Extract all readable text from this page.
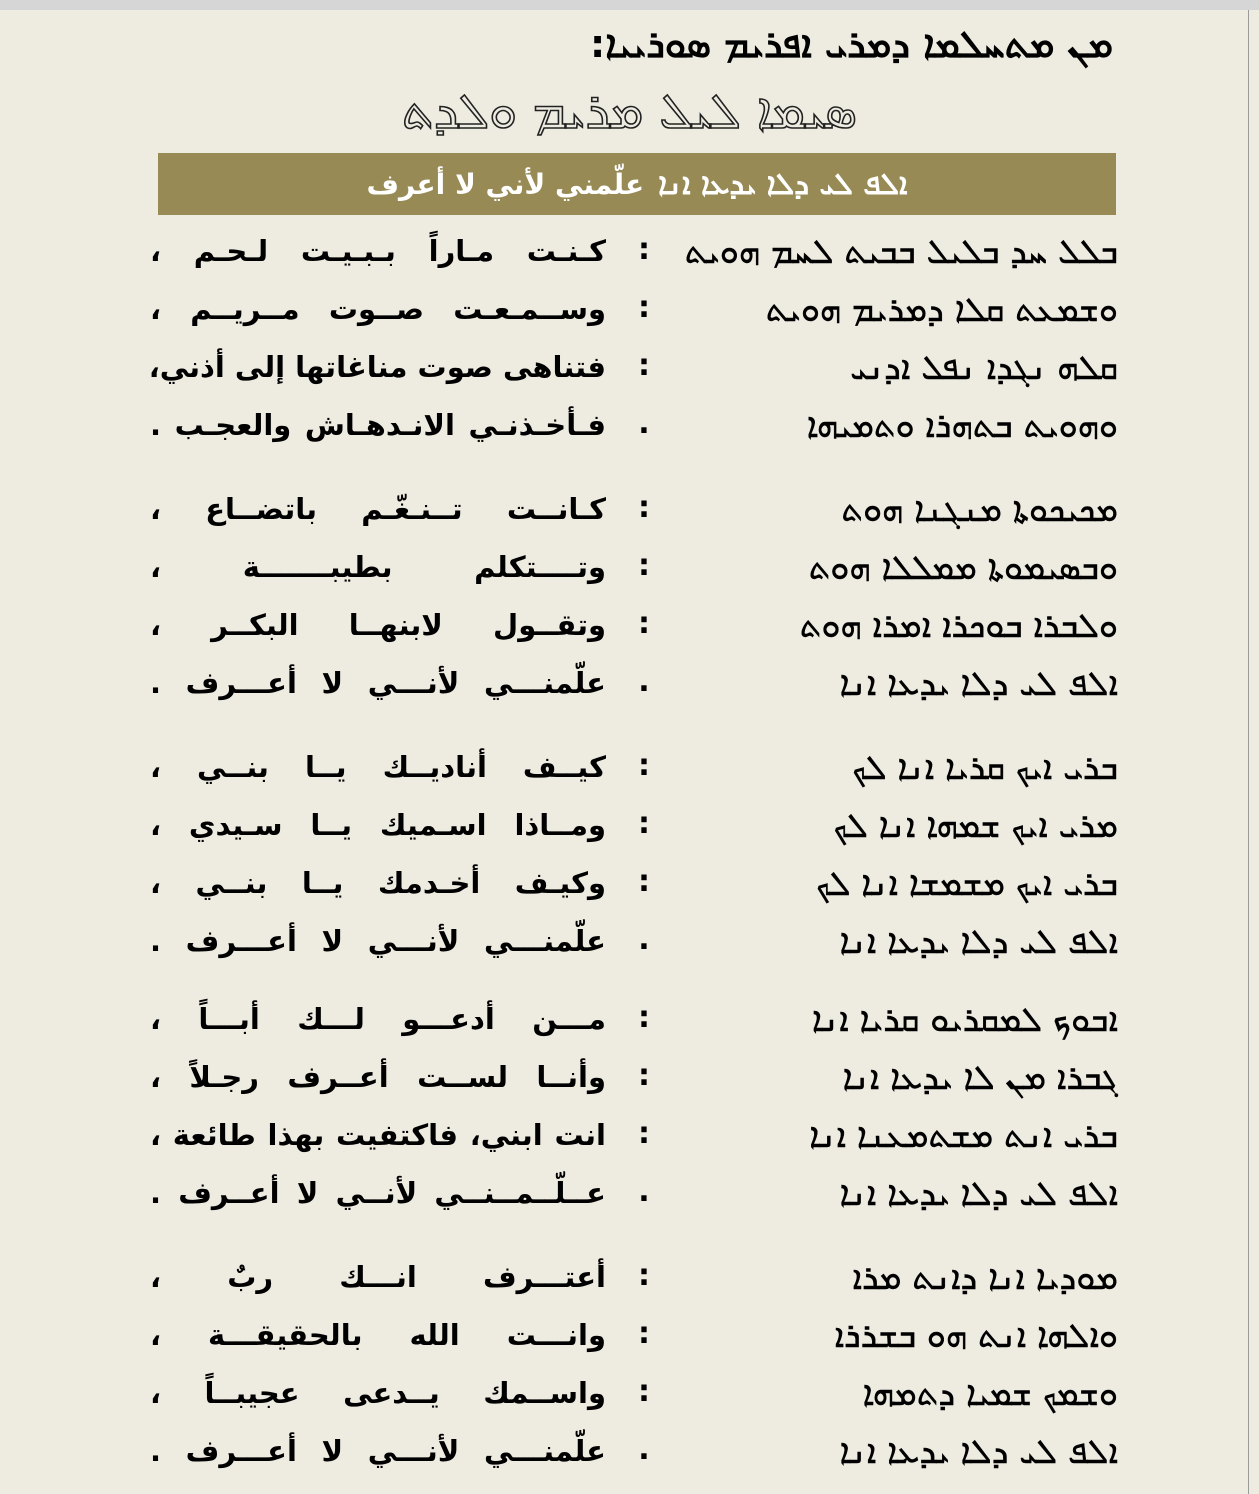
ܡܢ ܡܬܚܠܡܐ ܕܡܪܝ ܐܦܪܝܡ ܣܘܪܝܝܐ:
ܣܝܡܐ ܠܝܠ ܡܪܝܡ ܘܠܕܬ
ܐܠܦ ܠܝ ܕܠܐ ܝܕܥܐ ܐܢܐ
علّمني لأني لا أعرف
ܒܠܠ ܚܕ ܒܠܝܠ ܒܒܝܬ ܠܚܡ ܗܘܝܬ
:
كـنـت مـاراً بـبـيـت لـحـم ،
ܘܫܡܥܬ ܩܠܐ ܕܡܪܝܡ ܗܘܝܬ
:
وســمـعـت صــوت مــريــم ،
ܩܠܗ ܢܓܕܐ ܢܦܠ ܐܕܢܝ
:
فتناهى صوت مناغاتها إلى أذني،
ܘܗܘܝܬ ܒܬܗܪܐ ܘܬܡܝܗܐ
.
فـأخـذنـي الانـدهـاش والعجـب .
ܡܟܝܟܘܬܐ ܡܢܓܢܐ ܗܘܬ
:
كـانــت تــنـغّـم باتضــاع ،
ܘܒܣܝܡܘܬܐ ܡܡܠܠܐ ܗܘܬ
:
وتــــتكلم بطيبـــــــة ،
ܘܠܒܪܐ ܒܘܟܪܐ ܐܡܪܐ ܗܘܬ
:
وتقــول لابنهــا البكــر ،
ܐܠܦ ܠܝ ܕܠܐ ܝܕܥܐ ܐܢܐ
.
علّمنـــي لأنـــي لا أعـــرف .
ܒܪܝ ܐܝܟ ܩܪܝܐ ܐܢܐ ܠܟ
:
كيــف أناديــك يــا بنــي ،
ܡܪܝ ܐܝܟ ܫܡܗܐ ܐܢܐ ܠܟ
:
ومــاذا اسـميك يــا سـيدي ،
ܒܪܝ ܐܝܟ ܡܫܡܫܐ ܐܢܐ ܠܟ
:
وكيـف أخـدمك يــا بنــي ،
ܐܠܦ ܠܝ ܕܠܐ ܝܕܥܐ ܐܢܐ
.
علّمنـــي لأنـــي لا أعـــرف .
ܐܒܘܟ ܠܡܩܪܝܘ ܩܪܝܐ ܐܢܐ
:
مـــن أدعـــو لـــك أبـــاً ،
ܓܒܪܐ ܡܢ ܠܐ ܝܕܥܐ ܐܢܐ
:
وأنــا لســت أعــرف رجـلاً ،
ܒܪܝ ܐܢܬ ܡܫܬܡܥܢܐ ܐܢܐ
:
انت ابني، فاكتفيت بهذا طائعة ،
ܐܠܦ ܠܝ ܕܠܐ ܝܕܥܐ ܐܢܐ
.
عــلّــمــنــي لأنــي لا أعــرف .
ܡܘܕܝܐ ܐܢܐ ܕܐܢܬ ܡܪܐ
:
أعتـــرف انـــك ربٌ ،
ܘܐܠܗܐ ܐܢܬ ܗܘ ܒܫܪܪܐ
:
وانـــت الله بالحقيقـــة ،
ܘܫܡܟ ܫܡܝܐ ܕܬܡܗܐ
:
واســمك يــدعى عجيبــاً ،
ܐܠܦ ܠܝ ܕܠܐ ܝܕܥܐ ܐܢܐ
.
علّمنـــي لأنـــي لا أعـــرف .
